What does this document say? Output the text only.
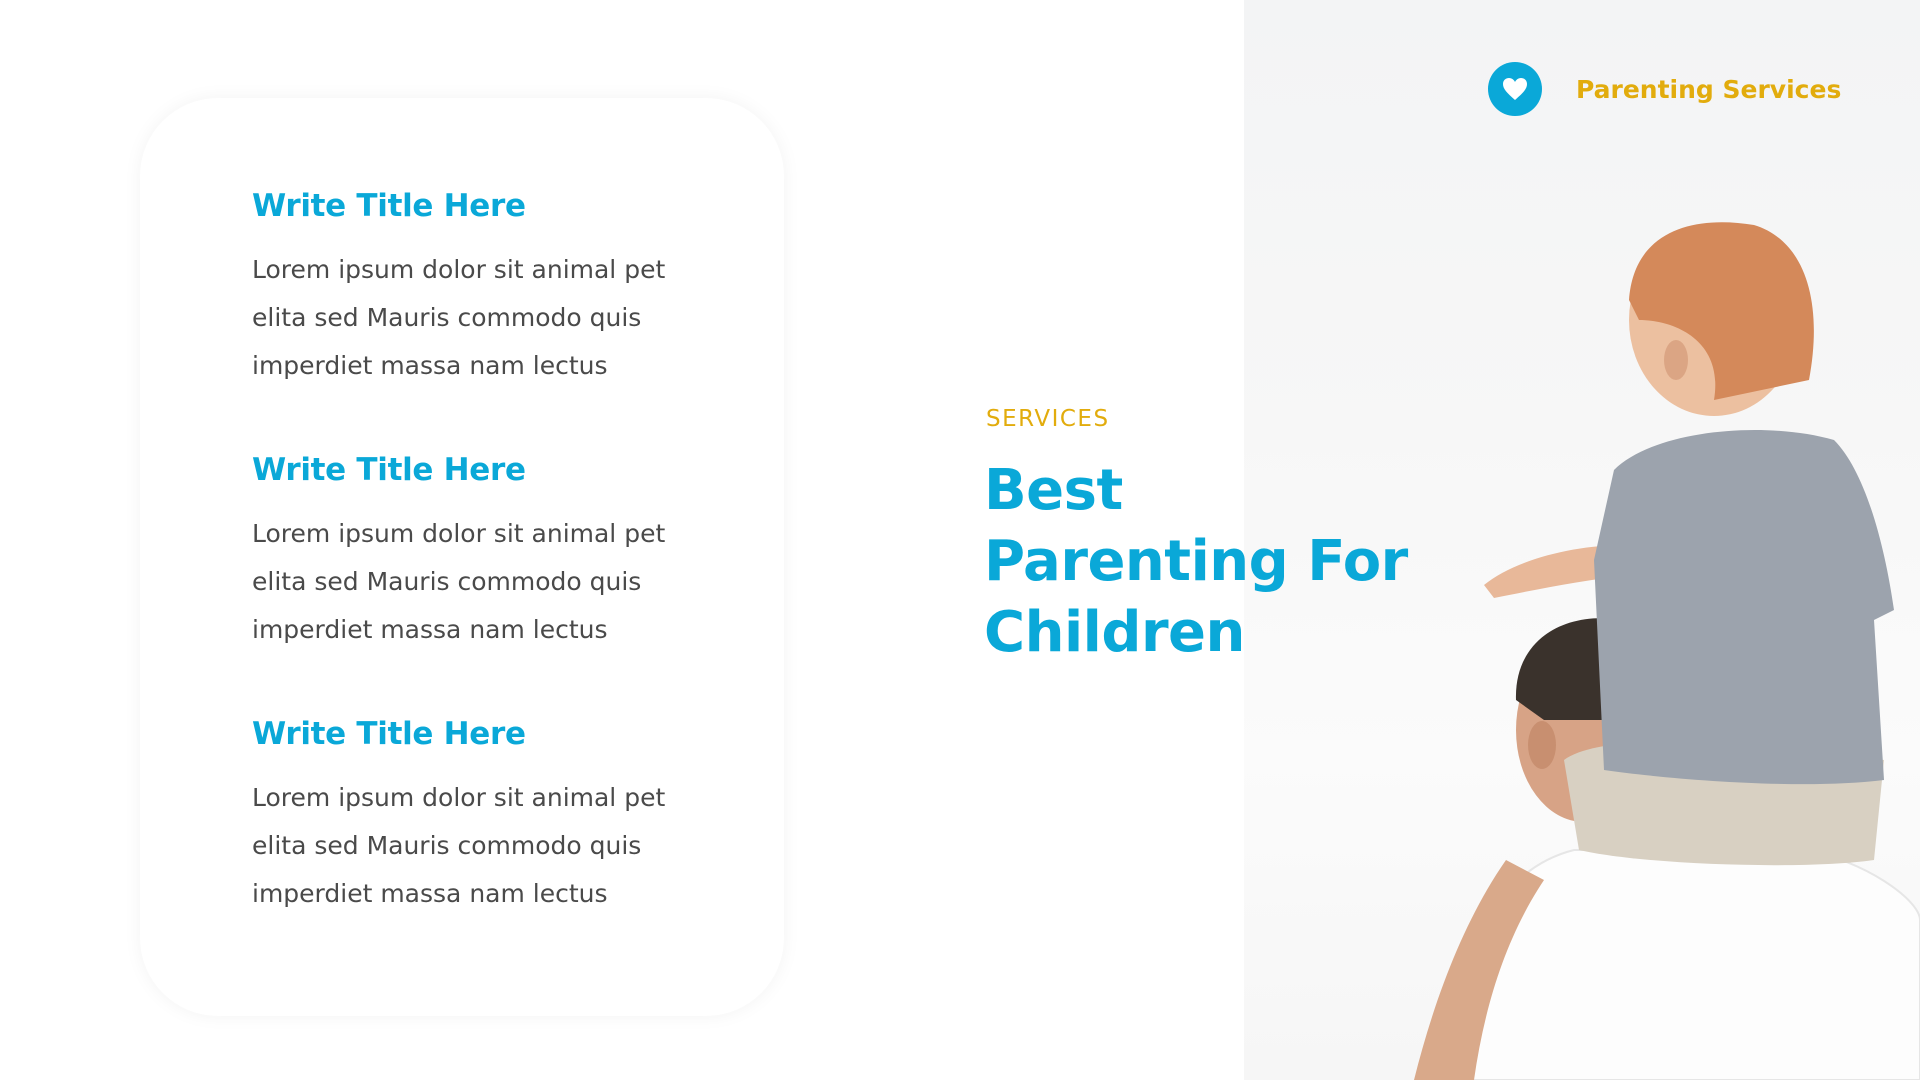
Parenting Services
Write Title Here
Lorem ipsum dolor sit animal pet elita sed Mauris commodo quis imperdiet massa nam lectus
Write Title Here
Lorem ipsum dolor sit animal pet elita sed Mauris commodo quis imperdiet massa nam lectus
Write Title Here
Lorem ipsum dolor sit animal pet elita sed Mauris commodo quis imperdiet massa nam lectus
SERVICES
Best
Parenting For
Children
